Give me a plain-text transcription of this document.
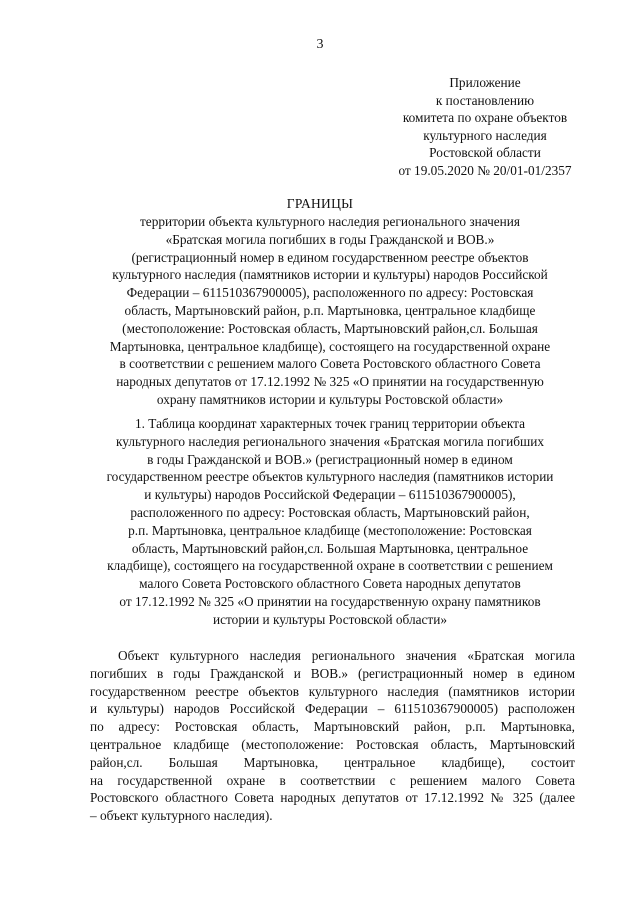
3
Приложение
к постановлению
комитета по охране объектов
культурного наследия
Ростовской области
от 19.05.2020 № 20/01-01/2357
ГРАНИЦЫ
территории объекта культурного наследия регионального значения
«Братская могила погибших в годы Гражданской и ВОВ.»
(регистрационный номер в едином государственном реестре объектов
культурного наследия (памятников истории и культуры) народов Российской
Федерации – 611510367900005), расположенного по адресу: Ростовская
область, Мартыновский район, р.п. Мартыновка, центральное кладбище
(местоположение: Ростовская область, Мартыновский район,сл. Большая
Мартыновка, центральное кладбище), состоящего на государственной охране
в соответствии с решением малого Совета Ростовского областного Совета
народных депутатов от 17.12.1992 № 325 «О принятии на государственную
охрану памятников истории и культуры Ростовской области»
1. Таблица координат характерных точек границ территории объекта
культурного наследия регионального значения «Братская могила погибших
в годы Гражданской и ВОВ.» (регистрационный номер в едином
государственном реестре объектов культурного наследия (памятников истории
и культуры) народов Российской Федерации – 611510367900005),
расположенного по адресу: Ростовская область, Мартыновский район,
р.п. Мартыновка, центральное кладбище (местоположение: Ростовская
область, Мартыновский район,сл. Большая Мартыновка, центральное
кладбище), состоящего на государственной охране в соответствии с решением
малого Совета Ростовского областного Совета народных депутатов
от 17.12.1992 № 325 «О принятии на государственную охрану памятников
истории и культуры Ростовской области»
Объект культурного наследия регионального значения «Братская могила
погибших в годы Гражданской и ВОВ.» (регистрационный номер в едином
государственном реестре объектов культурного наследия (памятников истории
и культуры) народов Российской Федерации – 611510367900005) расположен
по адресу: Ростовская область, Мартыновский район, р.п. Мартыновка,
центральное кладбище (местоположение: Ростовская область, Мартыновский
район,сл. Большая Мартыновка, центральное кладбище), состоит
на государственной охране в соответствии с решением малого Совета
Ростовского областного Совета народных депутатов от 17.12.1992 № 325 (далее
– объект культурного наследия).
